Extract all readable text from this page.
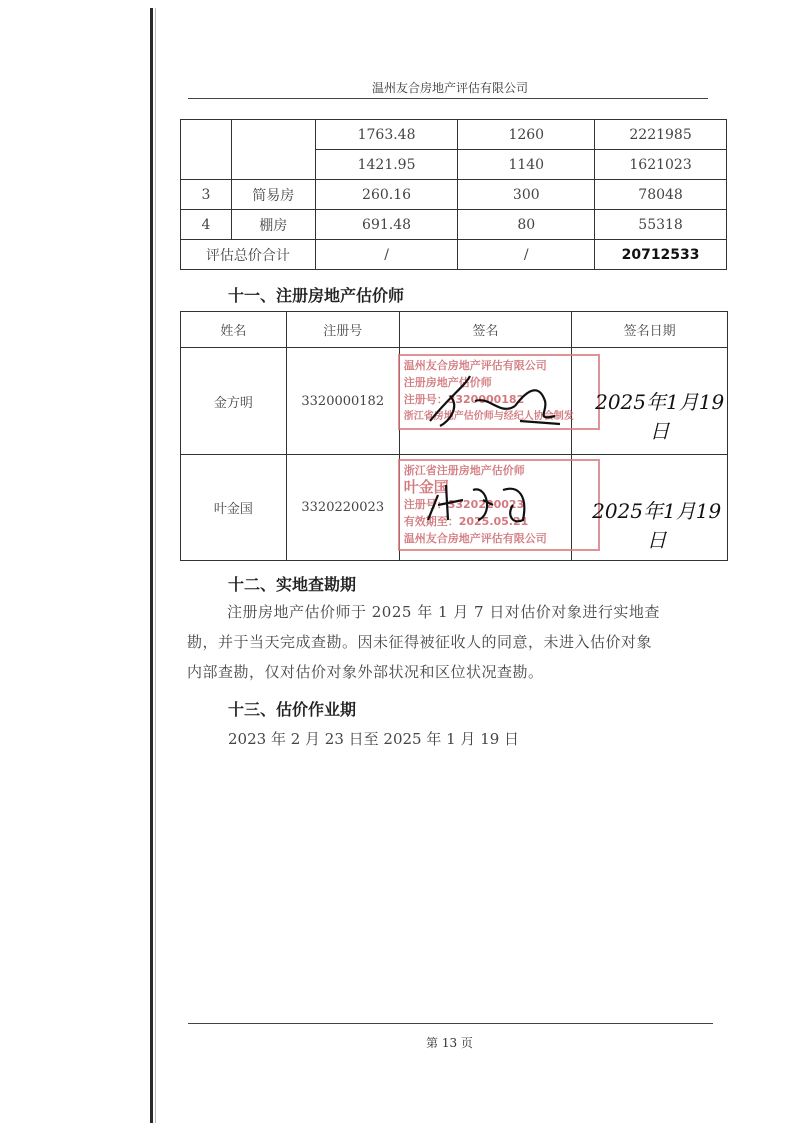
温州友合房地产评估有限公司
		1763.48	1260	2221985
		1421.95	1140	1621023
3	简易房	260.16	300	78048
4	棚房	691.48	80	55318
评估总价合计		/	/	20712533
十一、注册房地产估价师
姓名	注册号	签名	签名日期
金方明	3320000182	温州友合房地产评估有限公司
注册房地产估价师
注册号：3320000182
浙江省房地产估价师与经纪人协会制发	2025年1月19日

叶金国	3320220023	浙江省注册房地产估价师
叶金国
注册号：3320220023
有效期至：2025.05.21
温州友合房地产评估有限公司	2025年1月19日
十二、实地查勘期
注册房地产估价师于 2025 年 1 月 7 日对估价对象进行实地查
勘，并于当天完成查勘。因未征得被征收人的同意，未进入估价对象
内部查勘，仅对估价对象外部状况和区位状况查勘。
十三、估价作业期
2023 年 2 月 23 日至 2025 年 1 月 19 日
第 13 页
